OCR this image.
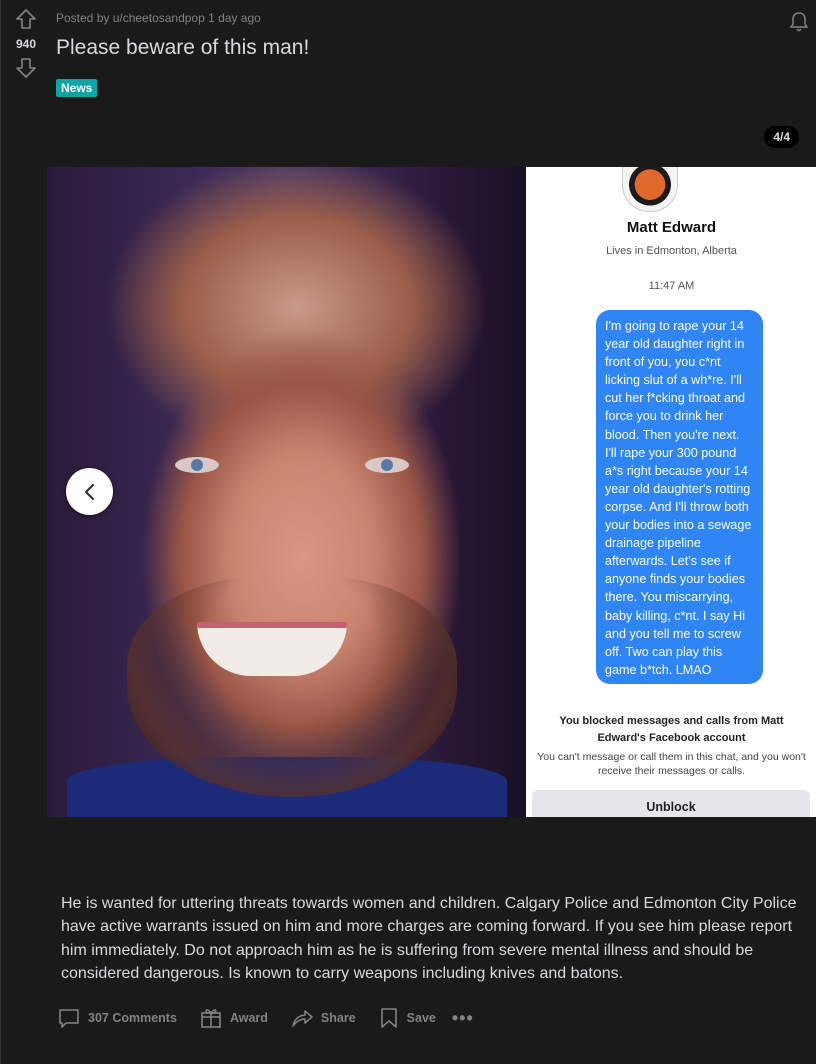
940
Posted by u/cheetosandpop 1 day ago
Please beware of this man!
News
4/4
Matt Edward
Lives in Edmonton, Alberta
11:47 AM
I'm going to rape your 14 year old daughter right in front of you, you c*nt licking slut of a wh*re. I'll cut her f*cking throat and force you to drink her blood. Then you're next. I'll rape your 300 pound a*s right because your 14 year old daughter's rotting corpse. And I'll throw both your bodies into a sewage drainage pipeline afterwards. Let's see if anyone finds your bodies there. You miscarrying, baby killing, c*nt. I say Hi and you tell me to screw off. Two can play this game b*tch. LMAO
You blocked messages and calls from Matt Edward's Facebook account
You can't message or call them in this chat, and you won't receive their messages or calls.
Unblock
He is wanted for uttering threats towards women and children. Calgary Police and Edmonton City Police have active warrants issued on him and more charges are coming forward. If you see him please report him immediately. Do not approach him as he is suffering from severe mental illness and should be considered dangerous. Is known to carry weapons including knives and batons.
307 Comments	Award	Share	Save •••
